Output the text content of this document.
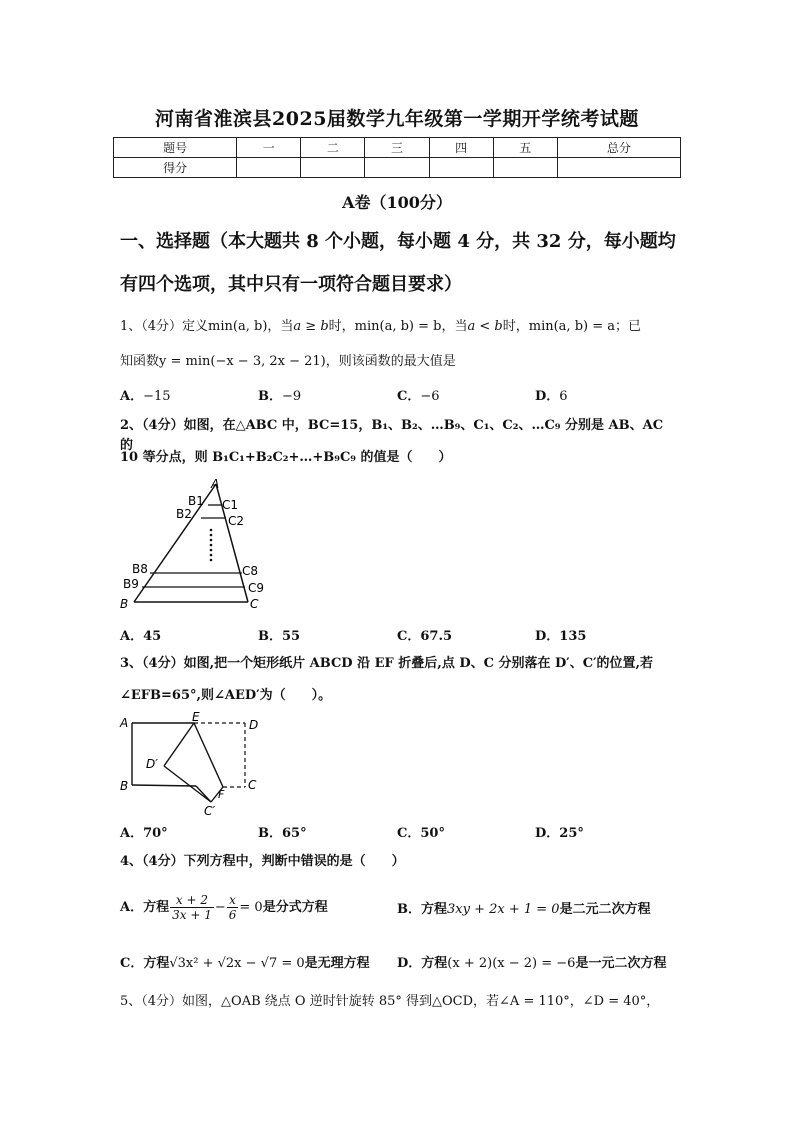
河南省淮滨县2025届数学九年级第一学期开学统考试题
题号	一	二	三	四	五	总分
得分						
A卷（100分）
一、选择题（本大题共 8 个小题，每小题 4 分，共 32 分，每小题均
有四个选项，其中只有一项符合题目要求）
1、（4分）定义min(a, b)，当a ≥ b时，min(a, b) = b，当a < b时，min(a, b) = a；已
知函数y = min(−x − 3, 2x − 21)，则该函数的最大值是
A．−15	B．−9	C．−6	D．6
2、（4分）如图，在△ABC 中，BC=15，B₁、B₂、…B₉、C₁、C₂、…C₉ 分别是 AB、AC 的
10 等分点，则 B₁C₁+B₂C₂+…+B₉C₉ 的值是（　　）
A
B1
B2
C1
C2
B8
B9
C8
C9
B	C
A．45	B．55	C．67.5	D．135
3、（4分）如图,把一个矩形纸片 ABCD 沿 EF 折叠后,点 D、C 分别落在 D′、C′的位置,若
∠EFB=65°,则∠AED′为（　　）。
A	E
D
D′
B
F
C
C′
A．70°	B．65°	C．50°	D．25°
4、（4分）下列方程中，判断中错误的是（　　）
A．方程 $\frac{x + 2}{3x + 1} - \frac{x}{6} = 0$是分式方程	B．方程3xy + 2x + 1 = 0是二元二次方程
C．方程√3x² + √2x − √7 = 0是无理方程 D．方程(x + 2)(x − 2) = −6是一元二次方程
5、（4分）如图，△OAB 绕点 O 逆时针旋转 85° 得到△OCD，若∠A = 110°，∠D = 40°，
